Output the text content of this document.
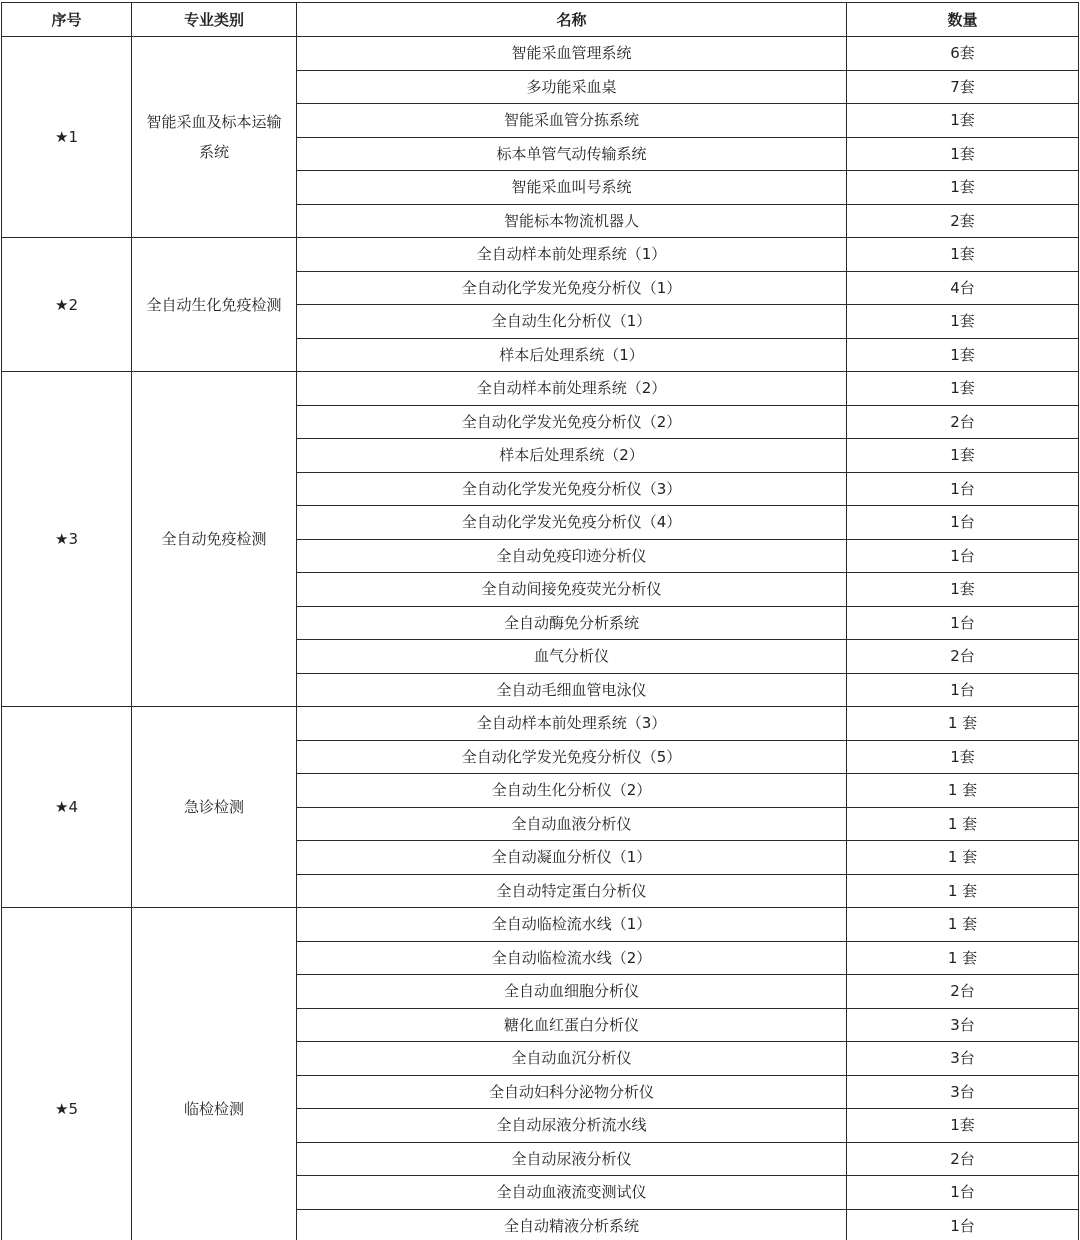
序号	专业类别	名称	数量
★1	智能采血及标本运输系统	智能采血管理系统	6套
		多功能采血桌	7套
		智能采血管分拣系统	1套
		标本单管气动传输系统	1套
		智能采血叫号系统	1套
		智能标本物流机器人	2套
★2	全自动生化免疫检测	全自动样本前处理系统（1）	1套
		全自动化学发光免疫分析仪（1）	4台
		全自动生化分析仪（1）	1套
		样本后处理系统（1）	1套
★3	全自动免疫检测	全自动样本前处理系统（2）	1套
		全自动化学发光免疫分析仪（2）	2台
		样本后处理系统（2）	1套
		全自动化学发光免疫分析仪（3）	1台
		全自动化学发光免疫分析仪（4）	1台
		全自动免疫印迹分析仪	1台
		全自动间接免疫荧光分析仪	1套
		全自动酶免分析系统	1台
		血气分析仪	2台
		全自动毛细血管电泳仪	1台
★4	急诊检测	全自动样本前处理系统（3）	1 套
		全自动化学发光免疫分析仪（5）	1套
		全自动生化分析仪（2）	1 套
		全自动血液分析仪	1 套
		全自动凝血分析仪（1）	1 套
		全自动特定蛋白分析仪	1 套
★5	临检检测	全自动临检流水线（1）	1 套
		全自动临检流水线（2）	1 套
		全自动血细胞分析仪	2台
		糖化血红蛋白分析仪	3台
		全自动血沉分析仪	3台
		全自动妇科分泌物分析仪	3台
		全自动尿液分析流水线	1套
		全自动尿液分析仪	2台
		全自动血液流变测试仪	1台
		全自动精液分析系统	1台
